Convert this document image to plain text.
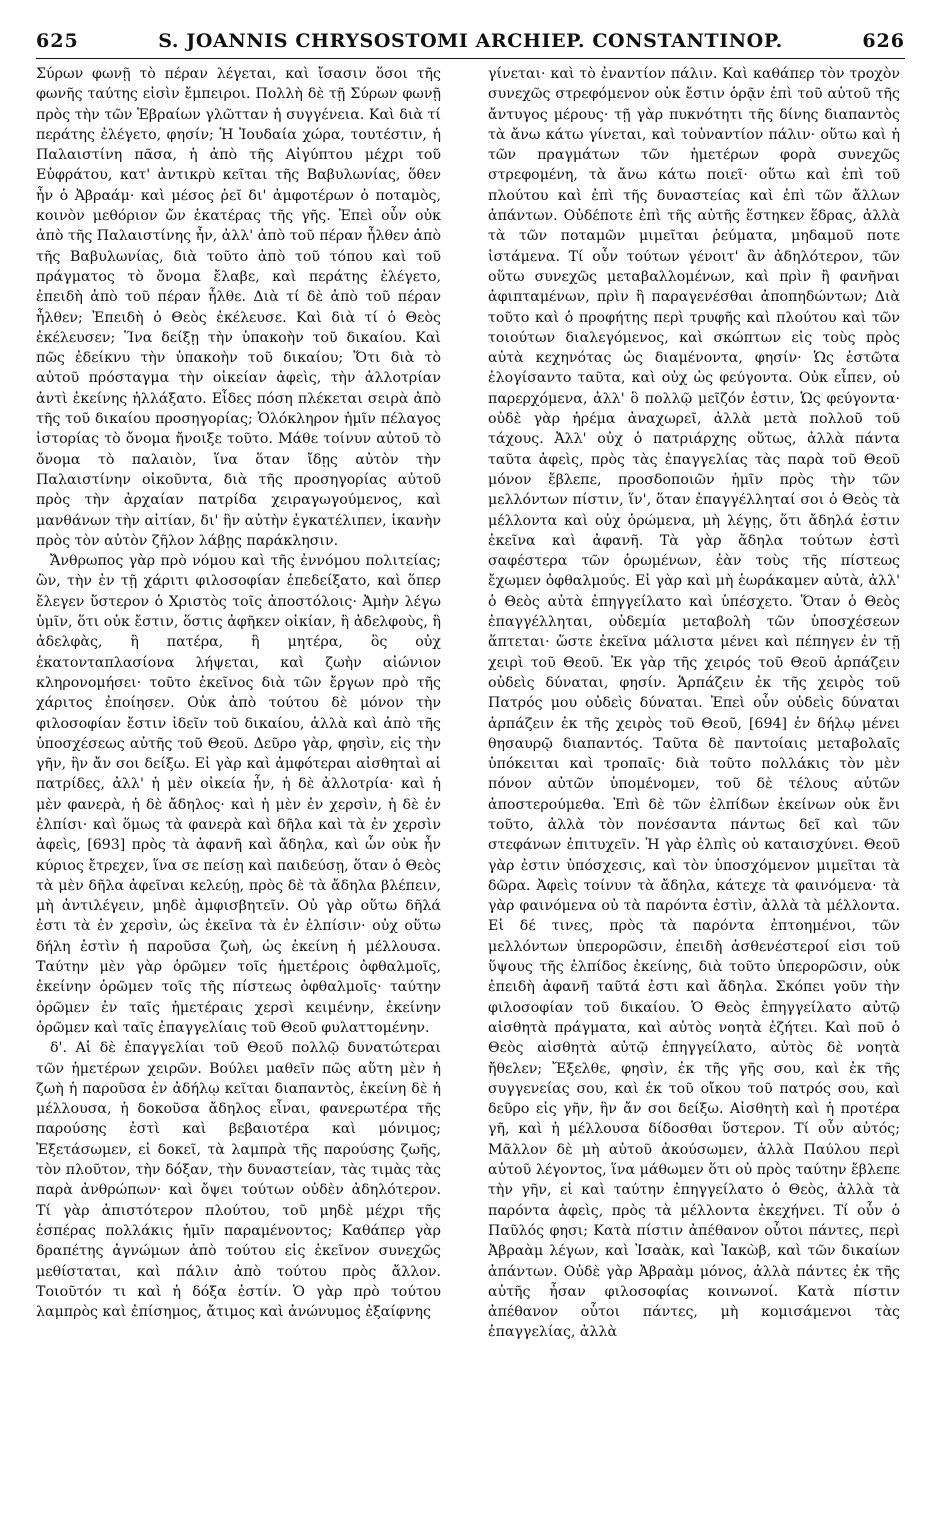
625	S. JOANNIS CHRYSOSTOMI ARCHIEP. CONSTANTINOP.	626

Σύρων φωνῇ τὸ πέραν λέγεται, καὶ ἴσασιν ὅσοι τῆς φωνῆς ταύτης εἰσὶν ἔμπειροι. Πολλὴ δὲ τῇ Σύρων φωνῇ πρὸς τὴν τῶν Ἑβραίων γλῶτταν ἡ συγγένεια. Καὶ διὰ τί περάτης ἐλέγετο, φησίν; Ἡ Ἰουδαία χώρα, τουτέστιν, ἡ Παλαιστίνη πᾶσα, ἡ ἀπὸ τῆς Αἰγύπτου μέχρι τοῦ Εὐφράτου, κατ' ἀντικρὺ κεῖται τῆς Βαβυλωνίας, ὅθεν ἦν ὁ Ἀβραάμ· καὶ μέσος ῥεῖ δι' ἀμφοτέρων ὁ ποταμὸς, κοινὸν μεθόριον ὤν ἑκατέρας τῆς γῆς. Ἐπεὶ οὖν οὐκ ἀπὸ τῆς Παλαιστίνης ἦν, ἀλλ' ἀπὸ τοῦ πέραν ἦλθεν ἀπὸ τῆς Βαβυλωνίας, διὰ τοῦτο ἀπὸ τοῦ τόπου καὶ τοῦ πράγματος τὸ ὄνομα ἔλαβε, καὶ περάτης ἐλέγετο, ἐπειδὴ ἀπὸ τοῦ πέραν ἦλθε. Διὰ τί δὲ ἀπὸ τοῦ πέραν ἦλθεν; Ἐπειδὴ ὁ Θεὸς ἐκέλευσε. Καὶ διὰ τί ὁ Θεὸς ἐκέλευσεν; Ἵνα δείξῃ τὴν ὑπακοὴν τοῦ δικαίου. Καὶ πῶς ἐδείκνυ τὴν ὑπακοὴν τοῦ δικαίου; Ὅτι διὰ τὸ αὐτοῦ πρόσταγμα τὴν οἰκείαν ἀφεὶς, τὴν ἀλλοτρίαν ἀντὶ ἐκείνης ἠλλάξατο. Εἶδες πόση πλέκεται σειρὰ ἀπὸ τῆς τοῦ δικαίου προσηγορίας; Ὁλόκληρον ἡμῖν πέλαγος ἱστορίας τὸ ὄνομα ἤνοιξε τοῦτο. Μάθε τοίνυν αὐτοῦ τὸ ὄνομα τὸ παλαιὸν, ἵνα ὅταν ἴδῃς αὐτὸν τὴν Παλαιστίνην οἰκοῦντα, διὰ τῆς προσηγορίας αὐτοῦ πρὸς τὴν ἀρχαίαν πατρίδα χειραγωγούμενος, καὶ μανθάνων τὴν αἰτίαν, δι' ἣν αὐτὴν ἐγκατέλιπεν, ἱκανὴν πρὸς τὸν αὐτὸν ζῆλον λάβῃς παράκλησιν.

Ἄνθρωπος γὰρ πρὸ νόμου καὶ τῆς ἐννόμου πολιτείας; ὢν, τὴν ἐν τῇ χάριτι φιλοσοφίαν ἐπεδείξατο, καὶ ὅπερ ἔλεγεν ὕστερον ὁ Χριστὸς τοῖς ἀποστόλοις· Ἀμὴν λέγω ὑμῖν, ὅτι οὐκ ἔστιν, ὅστις ἀφῆκεν οἰκίαν, ἢ ἀδελφοὺς, ἢ ἀδελφὰς, ἢ πατέρα, ἢ μητέρα, ὃς οὐχ ἑκατονταπλασίονα λήψεται, καὶ ζωὴν αἰώνιον κληρονομήσει· τοῦτο ἐκεῖνος διὰ τῶν ἔργων πρὸ τῆς χάριτος ἐποίησεν. Οὐκ ἀπὸ τούτου δὲ μόνον τὴν φιλοσοφίαν ἔστιν ἰδεῖν τοῦ δικαίου, ἀλλὰ καὶ ἀπὸ τῆς ὑποσχέσεως αὐτῆς τοῦ Θεοῦ. Δεῦρο γὰρ, φησὶν, εἰς τὴν γῆν, ἣν ἄν σοι δείξω. Εἰ γὰρ καὶ ἀμφότεραι αἰσθηταὶ αἱ πατρίδες, ἀλλ' ἡ μὲν οἰκεία ἦν, ἡ δὲ ἀλλοτρία· καὶ ἡ μὲν φανερὰ, ἡ δὲ ἄδηλος· καὶ ἡ μὲν ἐν χερσὶν, ἡ δὲ ἐν ἐλπίσι· καὶ ὅμως τὰ φανερὰ καὶ δῆλα καὶ τὰ ἐν χερσὶν ἀφεὶς, [693] πρὸς τὰ ἀφανῆ καὶ ἄδηλα, καὶ ὧν οὐκ ἦν κύριος ἔτρεχεν, ἵνα σε πείσῃ καὶ παιδεύσῃ, ὅταν ὁ Θεὸς τὰ μὲν δῆλα ἀφεῖναι κελεύῃ, πρὸς δὲ τὰ ἄδηλα βλέπειν, μὴ ἀντιλέγειν, μηδὲ ἀμφισβητεῖν. Οὐ γὰρ οὕτω δῆλά ἐστι τὰ ἐν χερσὶν, ὡς ἐκεῖνα τὰ ἐν ἐλπίσιν· οὐχ οὕτω δήλη ἐστὶν ἡ παροῦσα ζωὴ, ὡς ἐκείνη ἡ μέλλουσα. Ταύτην μὲν γὰρ ὁρῶμεν τοῖς ἡμετέροις ὀφθαλμοῖς, ἐκείνην ὁρῶμεν τοῖς τῆς πίστεως ὀφθαλμοῖς· ταύτην ὁρῶμεν ἐν ταῖς ἡμετέραις χερσὶ κειμένην, ἐκείνην ὁρῶμεν καὶ ταῖς ἐπαγγελίαις τοῦ Θεοῦ φυλαττομένην.

δ'. Αἱ δὲ ἐπαγγελίαι τοῦ Θεοῦ πολλῷ δυνατώτεραι τῶν ἡμετέρων χειρῶν. Βούλει μαθεῖν πῶς αὕτη μὲν ἡ ζωὴ ἡ παροῦσα ἐν ἀδήλῳ κεῖται διαπαντὸς, ἐκείνη δὲ ἡ μέλλουσα, ἡ δοκοῦσα ἄδηλος εἶναι, φανερωτέρα τῆς παρούσης ἐστὶ καὶ βεβαιοτέρα καὶ μόνιμος; Ἐξετάσωμεν, εἰ δοκεῖ, τὰ λαμπρὰ τῆς παρούσης ζωῆς, τὸν πλοῦτον, τὴν δόξαν, τὴν δυναστείαν, τὰς τιμὰς τὰς παρὰ ἀνθρώπων· καὶ ὄψει τούτων οὐδὲν ἀδηλότερον. Τί γὰρ ἀπιστότερον πλούτου, τοῦ μηδὲ μέχρι τῆς ἑσπέρας πολλάκις ἡμῖν παραμένοντος; Καθάπερ γὰρ δραπέτης ἀγνώμων ἀπὸ τούτου εἰς ἐκεῖνον συνεχῶς μεθίσταται, καὶ πάλιν ἀπὸ τούτου πρὸς ἄλλον. Τοιοῦτόν τι καὶ ἡ δόξα ἐστίν. Ὁ γὰρ πρὸ τούτου λαμπρὸς καὶ ἐπίσημος, ἄτιμος καὶ ἀνώνυμος ἐξαίφνης

γίνεται· καὶ τὸ ἐναντίον πάλιν. Καὶ καθάπερ τὸν τροχὸν συνεχῶς στρεφόμενον οὐκ ἔστιν ὁρᾷν ἐπὶ τοῦ αὐτοῦ τῆς ἄντυγος μέρους· τῇ γὰρ πυκνότητι τῆς δίνης διαπαντὸς τὰ ἄνω κάτω γίνεται, καὶ τοὐναντίον πάλιν· οὕτω καὶ ἡ τῶν πραγμάτων τῶν ἡμετέρων φορὰ συνεχῶς στρεφομένη, τὰ ἄνω κάτω ποιεῖ· οὕτω καὶ ἐπὶ τοῦ πλούτου καὶ ἐπὶ τῆς δυναστείας καὶ ἐπὶ τῶν ἄλλων ἁπάντων. Οὐδέποτε ἐπὶ τῆς αὐτῆς ἕστηκεν ἕδρας, ἀλλὰ τὰ τῶν ποταμῶν μιμεῖται ῥεύματα, μηδαμοῦ ποτε ἱστάμενα. Τί οὖν τούτων γένοιτ' ἂν ἀδηλότερον, τῶν οὕτω συνεχῶς μεταβαλλομένων, καὶ πρὶν ἢ φανῆναι ἀφιπταμένων, πρὶν ἢ παραγενέσθαι ἀποπηδώντων; Διὰ τοῦτο καὶ ὁ προφήτης περὶ τρυφῆς καὶ πλούτου καὶ τῶν τοιούτων διαλεγόμενος, καὶ σκώπτων εἰς τοὺς πρὸς αὐτὰ κεχηνότας ὡς διαμένοντα, φησίν· Ὡς ἑστῶτα ἐλογίσαντο ταῦτα, καὶ οὐχ ὡς φεύγοντα. Οὐκ εἶπεν, οὐ παρερχόμενα, ἀλλ' ὃ πολλῷ μεῖζόν ἐστιν, Ὡς φεύγοντα· οὐδὲ γὰρ ἠρέμα ἀναχωρεῖ, ἀλλὰ μετὰ πολλοῦ τοῦ τάχους. Ἀλλ' οὐχ ὁ πατριάρχης οὕτως, ἀλλὰ πάντα ταῦτα ἀφεὶς, πρὸς τὰς ἐπαγγελίας τὰς παρὰ τοῦ Θεοῦ μόνον ἔβλεπε, προσδοποιῶν ἡμῖν πρὸς τὴν τῶν μελλόντων πίστιν, ἵν', ὅταν ἐπαγγέλληταί σοι ὁ Θεὸς τὰ μέλλοντα καὶ οὐχ ὁρώμενα, μὴ λέγῃς, ὅτι ἄδηλά ἐστιν ἐκεῖνα καὶ ἀφανῆ. Τὰ γὰρ ἄδηλα τούτων ἐστὶ σαφέστερα τῶν ὁρωμένων, ἐὰν τοὺς τῆς πίστεως ἔχωμεν ὀφθαλμούς. Εἰ γὰρ καὶ μὴ ἑωράκαμεν αὐτὰ, ἀλλ' ὁ Θεὸς αὐτὰ ἐπηγγείλατο καὶ ὑπέσχετο. Ὅταν ὁ Θεὸς ἐπαγγέλληται, οὐδεμία μεταβολὴ τῶν ὑποσχέσεων ἅπτεται· ὥστε ἐκεῖνα μάλιστα μένει καὶ πέπηγεν ἐν τῇ χειρὶ τοῦ Θεοῦ. Ἐκ γὰρ τῆς χειρός τοῦ Θεοῦ ἁρπάζειν οὐδεὶς δύναται, φησίν. Ἁρπάζειν ἐκ τῆς χειρὸς τοῦ Πατρός μου οὐδεὶς δύναται. Ἐπεὶ οὖν οὐδεὶς δύναται ἁρπάζειν ἐκ τῆς χειρὸς τοῦ Θεοῦ, [694] ἐν δήλῳ μένει θησαυρῷ διαπαντός. Ταῦτα δὲ παντοίαις μεταβολαῖς ὑπόκειται καὶ τροπαῖς· διὰ τοῦτο πολλάκις τὸν μὲν πόνον αὐτῶν ὑπομένομεν, τοῦ δὲ τέλους αὐτῶν ἀποστερούμεθα. Ἐπὶ δὲ τῶν ἐλπίδων ἐκείνων οὐκ ἔνι τοῦτο, ἀλλὰ τὸν πονέσαντα πάντως δεῖ καὶ τῶν στεφάνων ἐπιτυχεῖν. Ἡ γὰρ ἐλπὶς οὐ καταισχύνει. Θεοῦ γὰρ ἐστιν ὑπόσχεσις, καὶ τὸν ὑποσχόμενον μιμεῖται τὰ δῶρα. Ἀφεὶς τοίνυν τὰ ἄδηλα, κάτεχε τὰ φαινόμενα· τὰ γὰρ φαινόμενα οὐ τὰ παρόντα ἐστὶν, ἀλλὰ τὰ μέλλοντα. Εἰ δέ τινες, πρὸς τὰ παρόντα ἐπτοημένοι, τῶν μελλόντων ὑπερορῶσιν, ἐπειδὴ ἀσθενέστεροί εἰσι τοῦ ὕψους τῆς ἐλπίδος ἐκείνης, διὰ τοῦτο ὑπερορῶσιν, οὐκ ἐπειδὴ ἀφανῆ ταῦτά ἐστι καὶ ἄδηλα. Σκόπει γοῦν τὴν φιλοσοφίαν τοῦ δικαίου. Ὁ Θεὸς ἐπηγγείλατο αὐτῷ αἰσθητὰ πράγματα, καὶ αὐτὸς νοητὰ ἐζήτει. Καὶ ποῦ ὁ Θεὸς αἰσθητὰ αὐτῷ ἐπηγγείλατο, αὐτὸς δὲ νοητὰ ἤθελεν; Ἔξελθε, φησὶν, ἐκ τῆς γῆς σου, καὶ ἐκ τῆς συγγενείας σου, καὶ ἐκ τοῦ οἴκου τοῦ πατρός σου, καὶ δεῦρο εἰς γῆν, ἣν ἄν σοι δείξω. Αἰσθητὴ καὶ ἡ προτέρα γῆ, καὶ ἡ μέλλουσα δίδοσθαι ὕστερον. Τί οὖν αὐτός; Μᾶλλον δὲ μὴ αὐτοῦ ἀκούσωμεν, ἀλλὰ Παύλου περὶ αὐτοῦ λέγοντος, ἵνα μάθωμεν ὅτι οὐ πρὸς ταύτην ἔβλεπε τὴν γῆν, εἰ καὶ ταύτην ἐπηγγείλατο ὁ Θεὸς, ἀλλὰ τὰ παρόντα ἀφεὶς, πρὸς τὰ μέλλοντα ἐκεχήνει. Τί οὖν ὁ Παῦλός φησι; Κατὰ πίστιν ἀπέθανον οὗτοι πάντες, περὶ Ἀβραὰμ λέγων, καὶ Ἰσαὰκ, καὶ Ἰακὼβ, καὶ τῶν δικαίων ἁπάντων. Οὐδὲ γὰρ Ἀβραὰμ μόνος, ἀλλὰ πάντες ἐκ τῆς αὐτῆς ἦσαν φιλοσοφίας κοινωνοί. Κατὰ πίστιν ἀπέθανον οὗτοι πάντες, μὴ κομισάμενοι τὰς ἐπαγγελίας, ἀλλὰ
